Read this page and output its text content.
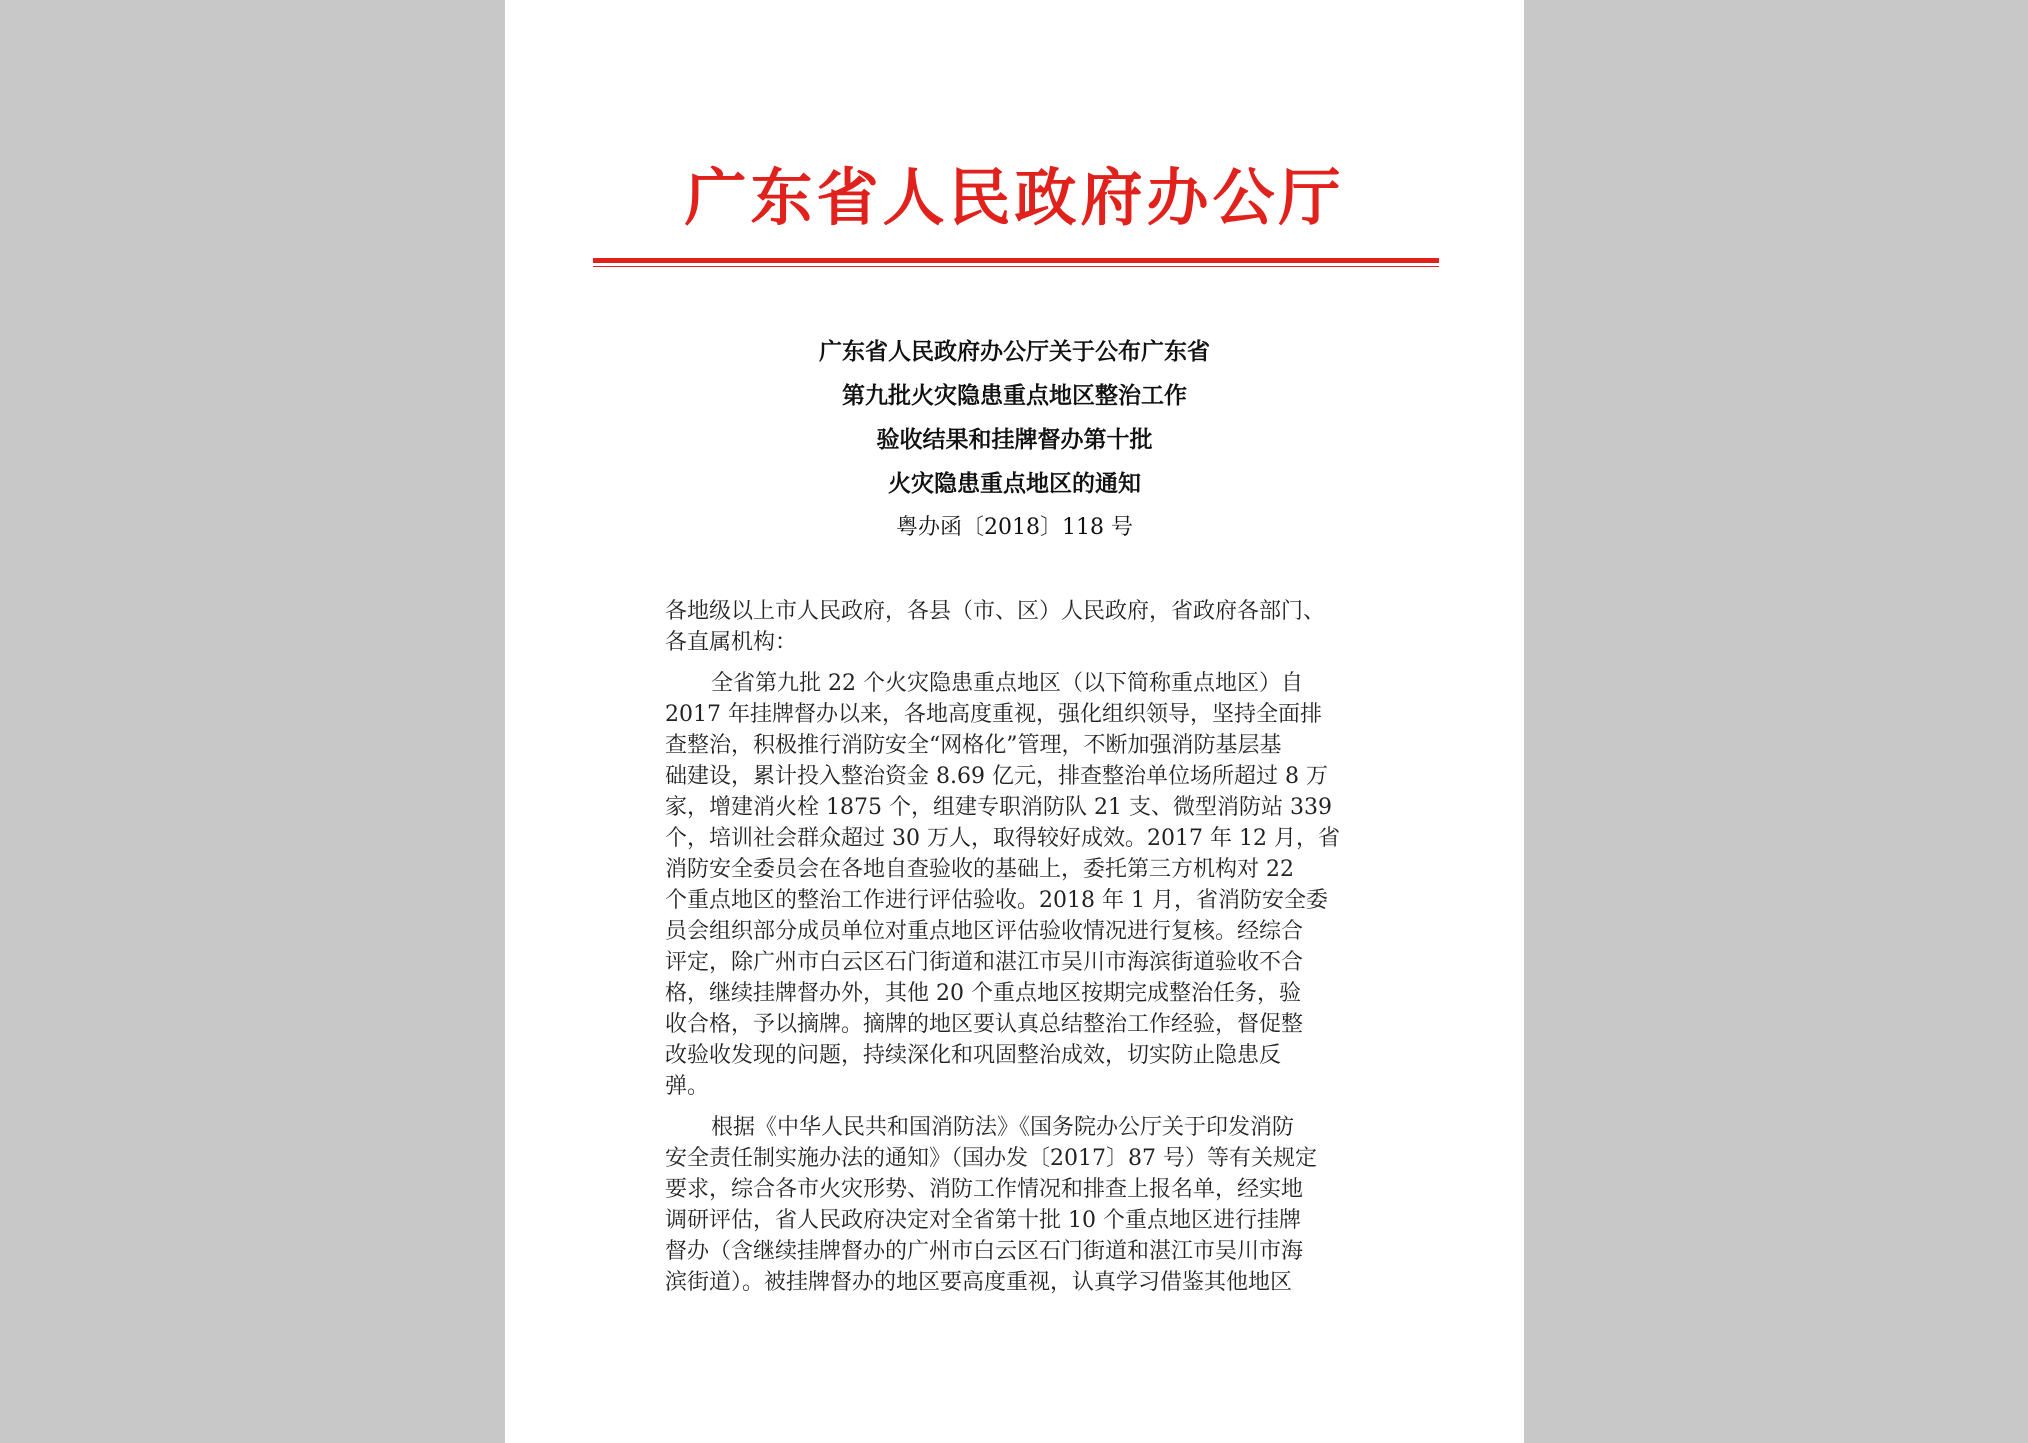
广东省人民政府办公厅
广东省人民政府办公厅关于公布广东省
第九批火灾隐患重点地区整治工作
验收结果和挂牌督办第十批
火灾隐患重点地区的通知
粤办函〔2018〕118 号
各地级以上市人民政府，各县（市、区）人民政府，省政府各部门、
各直属机构：
全省第九批 22 个火灾隐患重点地区（以下简称重点地区）自
2017 年挂牌督办以来，各地高度重视，强化组织领导，坚持全面排
查整治，积极推行消防安全“网格化”管理，不断加强消防基层基
础建设，累计投入整治资金 8.69 亿元，排查整治单位场所超过 8 万
家，增建消火栓 1875 个，组建专职消防队 21 支、微型消防站 339
个，培训社会群众超过 30 万人，取得较好成效。2017 年 12 月，省
消防安全委员会在各地自查验收的基础上，委托第三方机构对 22
个重点地区的整治工作进行评估验收。2018 年 1 月，省消防安全委
员会组织部分成员单位对重点地区评估验收情况进行复核。经综合
评定，除广州市白云区石门街道和湛江市吴川市海滨街道验收不合
格，继续挂牌督办外，其他 20 个重点地区按期完成整治任务，验
收合格，予以摘牌。摘牌的地区要认真总结整治工作经验，督促整
改验收发现的问题，持续深化和巩固整治成效，切实防止隐患反
弹。
根据《中华人民共和国消防法》《国务院办公厅关于印发消防
安全责任制实施办法的通知》（国办发〔2017〕87 号）等有关规定
要求，综合各市火灾形势、消防工作情况和排查上报名单，经实地
调研评估，省人民政府决定对全省第十批 10 个重点地区进行挂牌
督办（含继续挂牌督办的广州市白云区石门街道和湛江市吴川市海
滨街道）。被挂牌督办的地区要高度重视，认真学习借鉴其他地区
